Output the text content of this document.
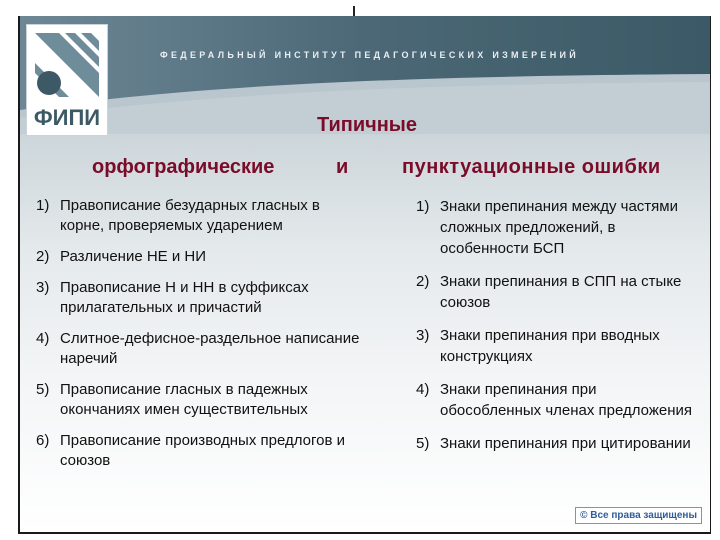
ФИПИ
ФЕДЕРАЛЬНЫЙ ИНСТИТУТ ПЕДАГОГИЧЕСКИХ ИЗМЕРЕНИЙ
Типичные
орфографические	и	пунктуационные ошибки
1) Правописание безударных гласных в корне, проверяемых ударением
2) Различение НЕ и НИ
3) Правописание Н и НН в суффиксах прилагательных и причастий
4) Слитное-дефисное-раздельное написание наречий
5) Правописание гласных в падежных окончаниях имен существительных
6) Правописание производных предлогов и союзов
1) Знаки препинания между частями сложных предложений, в особенности БСП
2) Знаки препинания в СПП на стыке союзов
3) Знаки препинания при вводных конструкциях
4) Знаки препинания при обособленных членах предложения
5) Знаки препинания при цитировании
© Все права защищены
